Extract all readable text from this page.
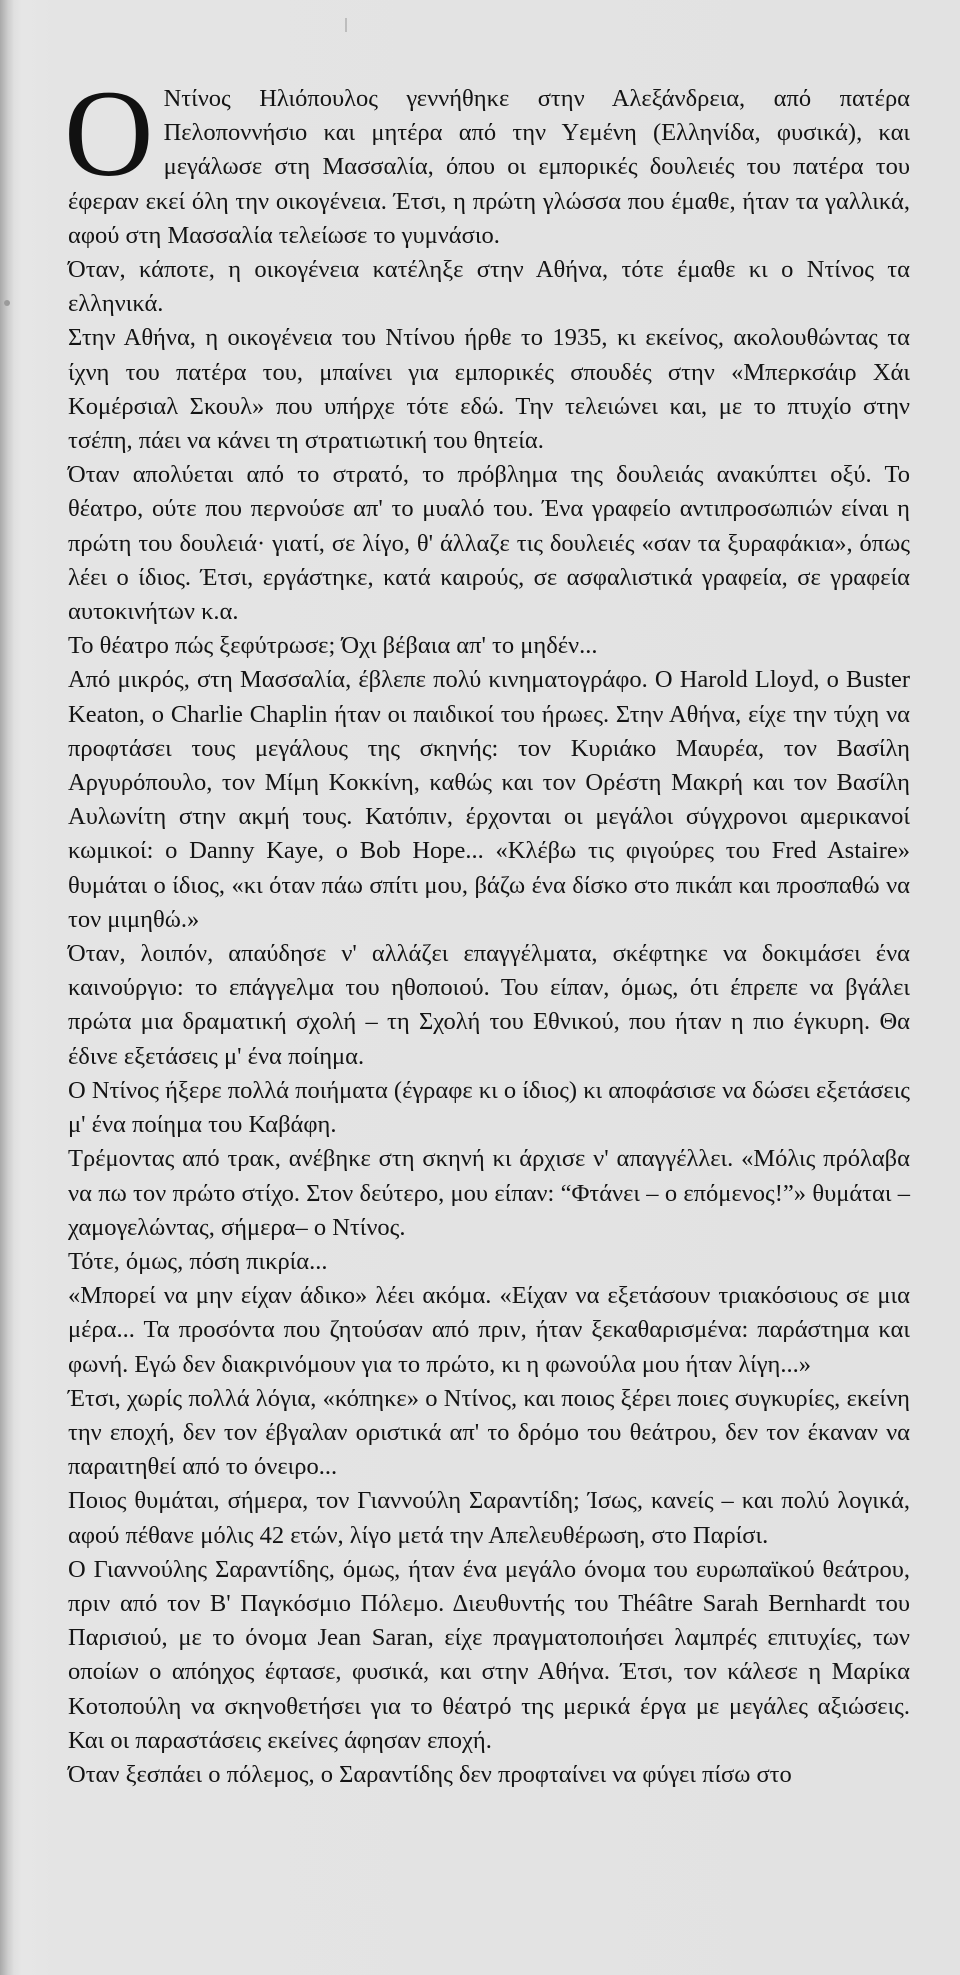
Ο Ντίνος Ηλιόπουλος γεννήθηκε στην Αλεξάνδρεια, από πατέρα Πελοποννήσιο και μητέρα από την Υεμένη (Ελληνίδα, φυσικά), και μεγάλωσε στη Μασσαλία, όπου οι εμπορικές δουλειές του πατέρα του έφεραν εκεί όλη την οικογένεια. Έτσι, η πρώτη γλώσσα που έμαθε, ήταν τα γαλλικά, αφού στη Μασσαλία τελείωσε το γυμνάσιο.

Όταν, κάποτε, η οικογένεια κατέληξε στην Αθήνα, τότε έμαθε κι ο Ντίνος τα ελληνικά.

Στην Αθήνα, η οικογένεια του Ντίνου ήρθε το 1935, κι εκείνος, ακολουθώντας τα ίχνη του πατέρα του, μπαίνει για εμπορικές σπουδές στην «Μπερκσάιρ Χάι Κομέρσιαλ Σκουλ» που υπήρχε τότε εδώ. Την τελειώνει και, με το πτυχίο στην τσέπη, πάει να κάνει τη στρατιωτική του θητεία.

Όταν απολύεται από το στρατό, το πρόβλημα της δουλειάς ανακύπτει οξύ. Το θέατρο, ούτε που περνούσε απ' το μυαλό του. Ένα γραφείο αντιπροσωπιών είναι η πρώτη του δουλειά· γιατί, σε λίγο, θ' άλλαζε τις δουλειές «σαν τα ξυραφάκια», όπως λέει ο ίδιος. Έτσι, εργάστηκε, κατά καιρούς, σε ασφαλιστικά γραφεία, σε γραφεία αυτοκινήτων κ.α.

Το θέατρο πώς ξεφύτρωσε; Όχι βέβαια απ' το μηδέν...

Από μικρός, στη Μασσαλία, έβλεπε πολύ κινηματογράφο. Ο Harold Lloyd, ο Buster Keaton, ο Charlie Chaplin ήταν οι παιδικοί του ήρωες. Στην Αθήνα, είχε την τύχη να προφτάσει τους μεγάλους της σκηνής: τον Κυριάκο Μαυρέα, τον Βασίλη Αργυρόπουλο, τον Μίμη Κοκκίνη, καθώς και τον Ορέστη Μακρή και τον Βασίλη Αυλωνίτη στην ακμή τους. Κατόπιν, έρχονται οι μεγάλοι σύγχρονοι αμερικανοί κωμικοί: ο Danny Kaye, ο Bob Hope... «Κλέβω τις φιγούρες του Fred Astaire» θυμάται ο ίδιος, «κι όταν πάω σπίτι μου, βάζω ένα δίσκο στο πικάπ και προσπαθώ να τον μιμηθώ.»

Όταν, λοιπόν, απαύδησε ν' αλλάζει επαγγέλματα, σκέφτηκε να δοκιμάσει ένα καινούργιο: το επάγγελμα του ηθοποιού. Του είπαν, όμως, ότι έπρεπε να βγάλει πρώτα μια δραματική σχολή – τη Σχολή του Εθνικού, που ήταν η πιο έγκυρη. Θα έδινε εξετάσεις μ' ένα ποίημα.

Ο Ντίνος ήξερε πολλά ποιήματα (έγραφε κι ο ίδιος) κι αποφάσισε να δώσει εξετάσεις μ' ένα ποίημα του Καβάφη.

Τρέμοντας από τρακ, ανέβηκε στη σκηνή κι άρχισε ν' απαγγέλλει. «Μόλις πρόλαβα να πω τον πρώτο στίχο. Στον δεύτερο, μου είπαν: “Φτάνει – ο επόμενος!”» θυμάται –χαμογελώντας, σήμερα– ο Ντίνος.

Τότε, όμως, πόση πικρία...

«Μπορεί να μην είχαν άδικο» λέει ακόμα. «Είχαν να εξετάσουν τριακόσιους σε μια μέρα... Τα προσόντα που ζητούσαν από πριν, ήταν ξεκαθαρισμένα: παράστημα και φωνή. Εγώ δεν διακρινόμουν για το πρώτο, κι η φωνούλα μου ήταν λίγη...»

Έτσι, χωρίς πολλά λόγια, «κόπηκε» ο Ντίνος, και ποιος ξέρει ποιες συγκυρίες, εκείνη την εποχή, δεν τον έβγαλαν οριστικά απ' το δρόμο του θεάτρου, δεν τον έκαναν να παραιτηθεί από το όνειρο...

Ποιος θυμάται, σήμερα, τον Γιαννούλη Σαραντίδη; Ίσως, κανείς – και πολύ λογικά, αφού πέθανε μόλις 42 ετών, λίγο μετά την Απελευθέρωση, στο Παρίσι.

Ο Γιαννούλης Σαραντίδης, όμως, ήταν ένα μεγάλο όνομα του ευρωπαϊκού θεάτρου, πριν από τον Β' Παγκόσμιο Πόλεμο. Διευθυντής του Théâtre Sarah Bernhardt του Παρισιού, με το όνομα Jean Saran, είχε πραγματοποιήσει λαμπρές επιτυχίες, των οποίων ο απόηχος έφτασε, φυσικά, και στην Αθήνα. Έτσι, τον κάλεσε η Μαρίκα Κοτοπούλη να σκηνοθετήσει για το θέατρό της μερικά έργα με μεγάλες αξιώσεις. Και οι παραστάσεις εκείνες άφησαν εποχή.

Όταν ξεσπάει ο πόλεμος, ο Σαραντίδης δεν προφταίνει να φύγει πίσω στο
